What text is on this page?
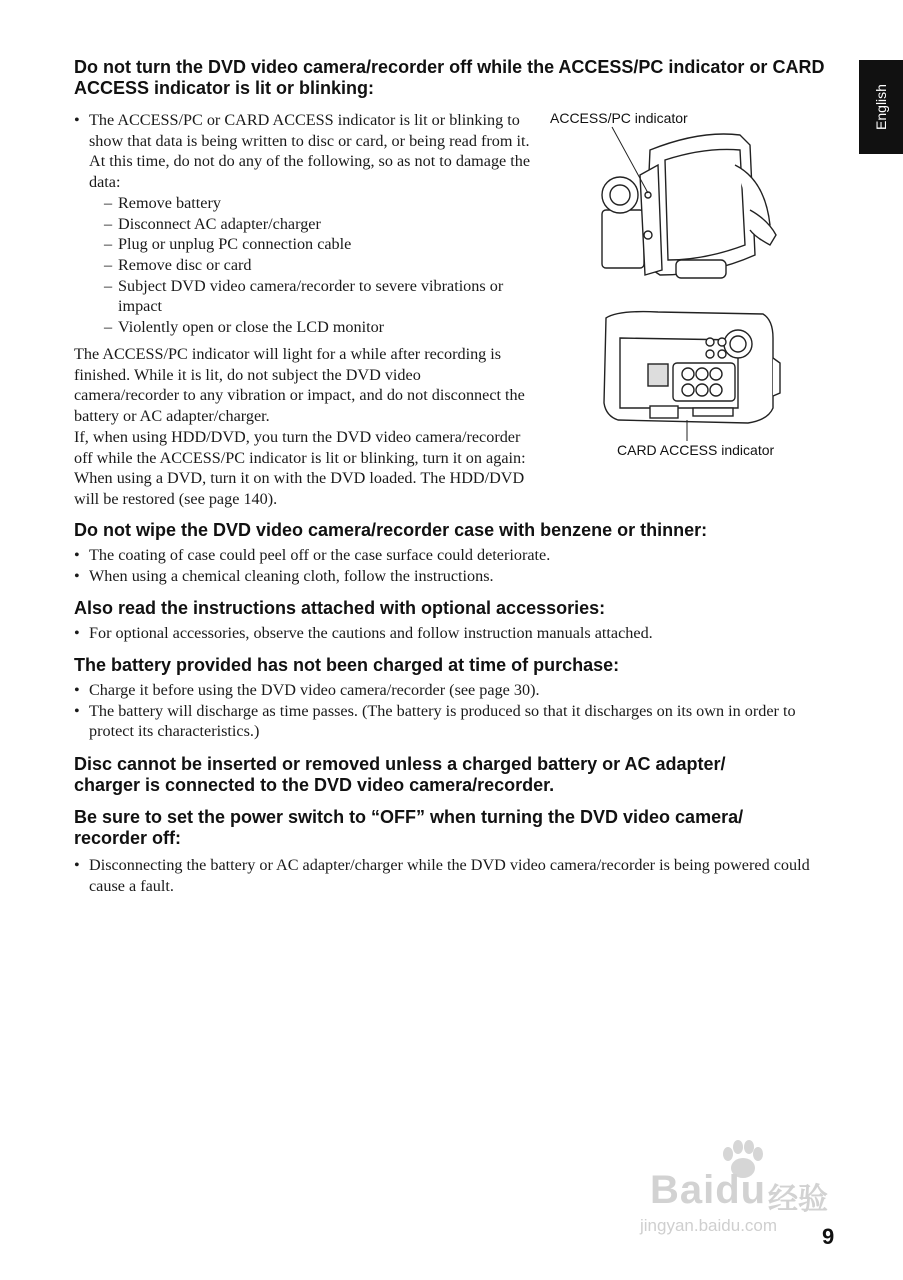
English
Do not turn the DVD video camera/recorder off while the ACCESS/PC indicator or CARD ACCESS indicator is lit or blinking:
• The ACCESS/PC or CARD ACCESS indicator is lit or blinking to show that data is being written to disc or card, or being read from it. At this time, do not do any of the following, so as not to damage the data:
– Remove battery
– Disconnect AC adapter/charger
– Plug or unplug PC connection cable
– Remove disc or card
– Subject DVD video camera/recorder to severe vibrations or impact
– Violently open or close the LCD monitor

The ACCESS/PC indicator will light for a while after recording is finished. While it is lit, do not subject the DVD video camera/recorder to any vibration or impact, and do not disconnect the battery or AC adapter/charger.

If, when using HDD/DVD, you turn the DVD video camera/recorder off while the ACCESS/PC indicator is lit or blinking, turn it on again: When using a DVD, turn it on with the DVD loaded. The HDD/DVD will be restored (see page 140).

ACCESS/PC indicator
CARD ACCESS indicator
Do not wipe the DVD video camera/recorder case with benzene or thinner:
• The coating of case could peel off or the case surface could deteriorate.
• When using a chemical cleaning cloth, follow the instructions.
Also read the instructions attached with optional accessories:
• For optional accessories, observe the cautions and follow instruction manuals attached.
The battery provided has not been charged at time of purchase:
• Charge it before using the DVD video camera/recorder (see page 30).
• The battery will discharge as time passes. (The battery is produced so that it discharges on its own in order to protect its characteristics.)
Disc cannot be inserted or removed unless a charged battery or AC adapter/ charger is connected to the DVD video camera/recorder.
Be sure to set the power switch to “OFF” when turning the DVD video camera/ recorder off:
• Disconnecting the battery or AC adapter/charger while the DVD video camera/recorder is being powered could cause a fault.
Baidu 经验
jingyan.baidu.com 9
